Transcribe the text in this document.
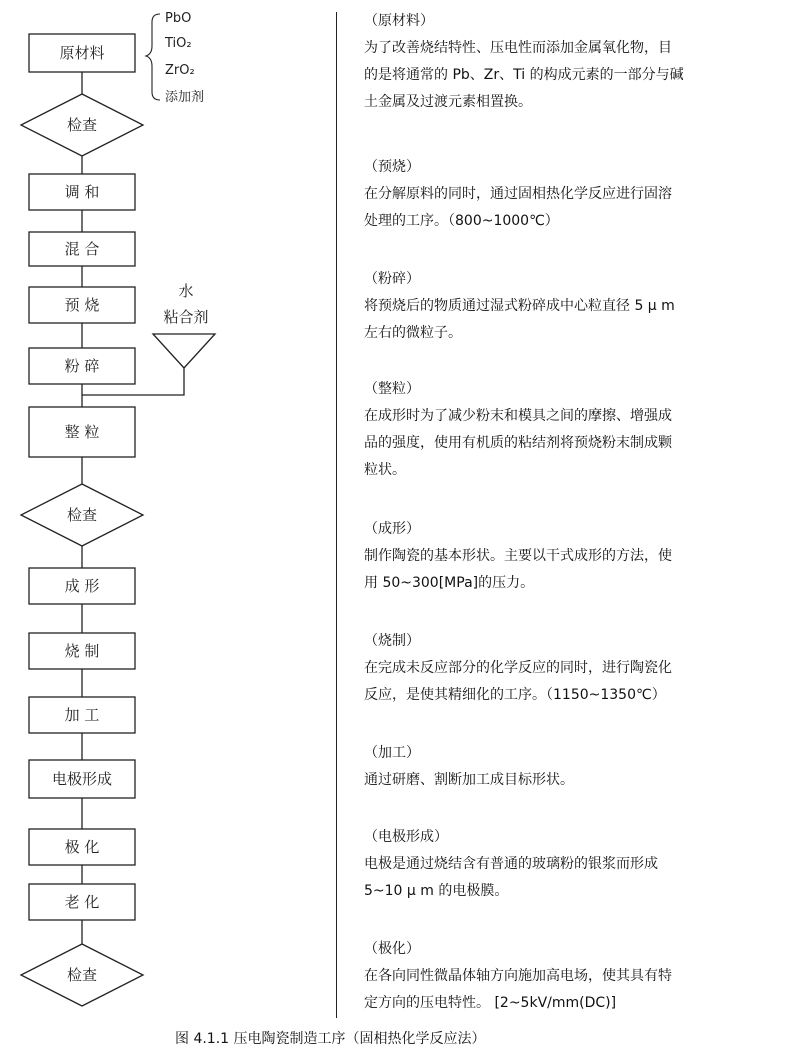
原材料
检查
调 和
混 合
预 烧
粉 碎
整 粒
检查
成 形
烧 制
加 工
电极形成
极 化
老 化
检查
PbO
TiO₂
ZrO₂
添加剂
水
粘合剂
（原材料）
为了改善烧结特性、压电性而添加金属氧化物，目
的是将通常的 Pb、Zr、Ti 的构成元素的一部分与碱
土金属及过渡元素相置换。
（预烧）
在分解原料的同时，通过固相热化学反应进行固溶
处理的工序。（800~1000℃）
（粉碎）
将预烧后的物质通过湿式粉碎成中心粒直径 5 μ m
左右的微粒子。
（整粒）
在成形时为了减少粉末和模具之间的摩擦、增强成
品的强度，使用有机质的粘结剂将预烧粉末制成颗
粒状。
（成形）
制作陶瓷的基本形状。主要以干式成形的方法，使
用 50~300[MPa]的压力。
（烧制）
在完成未反应部分的化学反应的同时，进行陶瓷化
反应，是使其精细化的工序。（1150~1350℃）
（加工）
通过研磨、割断加工成目标形状。
（电极形成）
电极是通过烧结含有普通的玻璃粉的银浆而形成
5~10 μ m 的电极膜。
（极化）
在各向同性微晶体轴方向施加高电场，使其具有特
定方向的压电特性。 [2~5kV/mm(DC)]
图 4.1.1 压电陶瓷制造工序（固相热化学反应法）
